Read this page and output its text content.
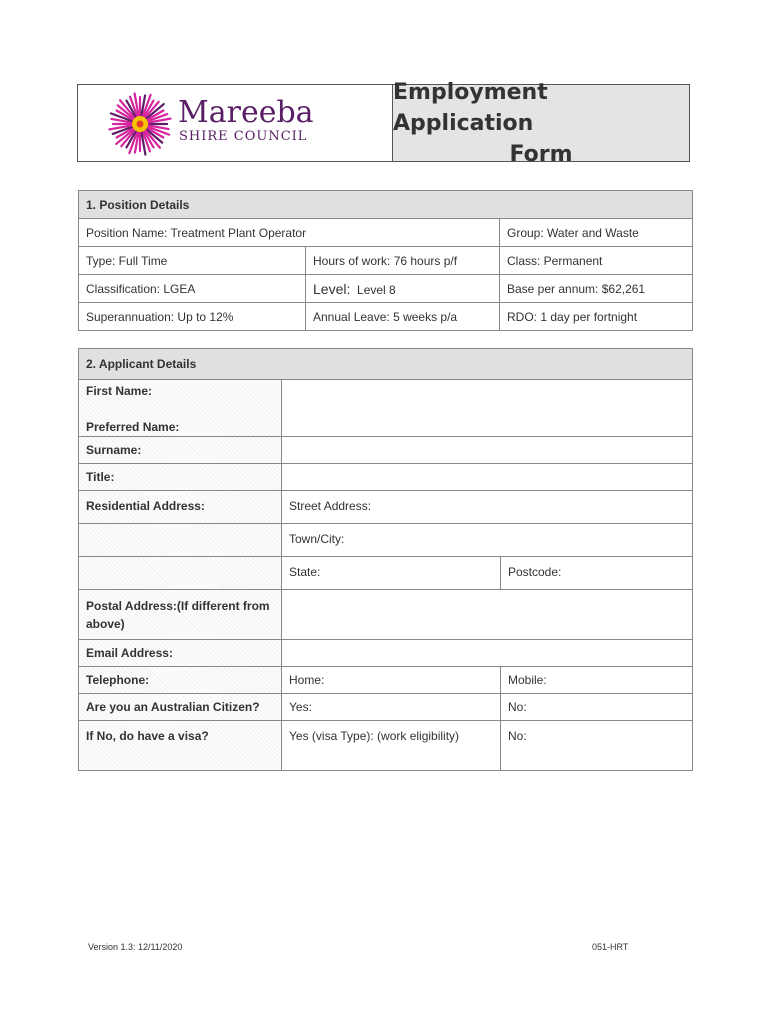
Mareeba
SHIRE COUNCIL
Employment Application
Form
1. Position Details		
Position Name: Treatment Plant Operator		Group: Water and Waste
Type: Full Time	Hours of work: 76 hours p/f	Class: Permanent
Classification: LGEA	Level: Level 8	Base per annum: $62,261
Superannuation: Up to 12%	Annual Leave: 5 weeks p/a	RDO: 1 day per fortnight
2. Applicant Details		

First Name:
Preferred Name:		

Surname:		
Title:		
Residential Address:	Street Address:	
	Town/City:	
	State:	Postcode:
Postal Address:(If different from above)		
Email Address:		
Telephone:	Home:	Mobile:
Are you an Australian Citizen?	Yes:	No:
If No, do have a visa?	Yes (visa Type): (work eligibility)	No:
Version 1.3: 12/11/2020	051-HRT
